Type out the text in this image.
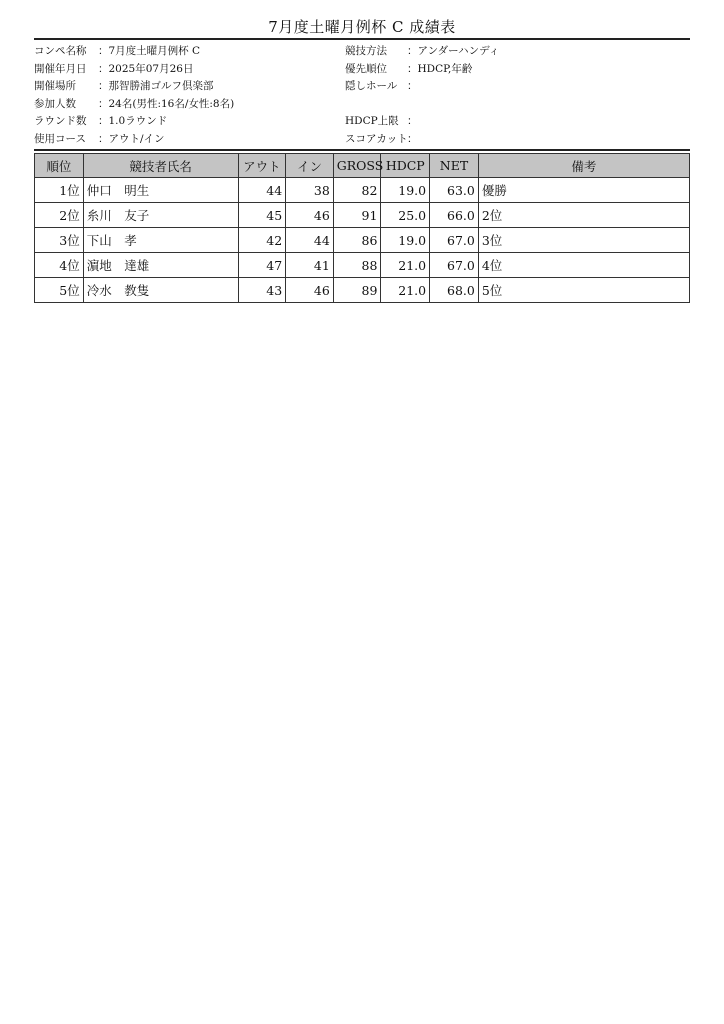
7月度土曜月例杯 C 成績表
コンペ名称	：7月度土曜月例杯 C	競技方法	：アンダーハンディ
開催年月日	：2025年07月26日	優先順位	：HDCP,年齢
開催場所	：那智勝浦ゴルフ倶楽部	隠しホール ：
参加人数	：24名(男性:16名/女性:8名)
ラウンド数	：1.0ラウンド	HDCP上限 ：
使用コース	：アウト/イン	スコアカット ：
順位	競技者氏名	アウト	イン	GROSS	HDCP	NET	備考
1位	仲口　明生	44	38	82	19.0	63.0	優勝
2位	糸川　友子	45	46	91	25.0	66.0	2位
3位	下山　孝	42	44	86	19.0	67.0	3位
4位	濵地　達雄	47	41	88	21.0	67.0	4位
5位	冷水　教隻	43	46	89	21.0	68.0	5位
